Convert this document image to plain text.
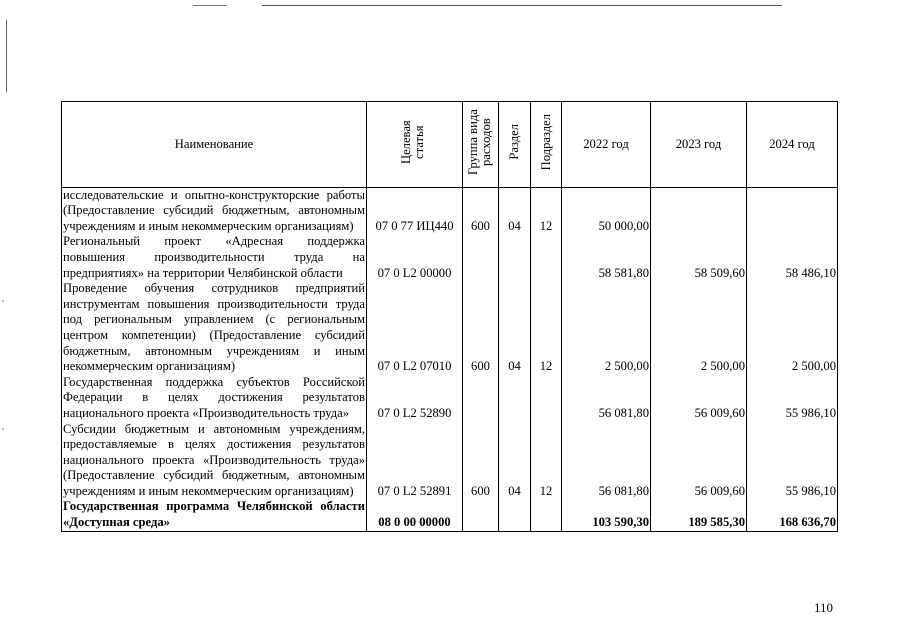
Наименование	Целевая статья	Группа вида расходов	Раздел	Подраздел	2022 год	2023 год	2024 год
исследовательские и опытно-конструкторские работы (Предоставление субсидий бюджетным, автономным учреждениям и иным некоммерческим организациям)	07 0 77 ИЦ440	600	04	12	50 000,00		
Региональный проект «Адресная поддержка повышения производительности труда на предприятиях» на территории Челябинской области	07 0 L2 00000				58 581,80	58 509,60	58 486,10
Проведение обучения сотрудников предприятий инструментам повышения производительности труда под региональным управлением (с региональным центром компетенции) (Предоставление субсидий бюджетным, автономным учреждениям и иным некоммерческим организациям)	07 0 L2 07010	600	04	12	2 500,00	2 500,00	2 500,00
Государственная поддержка субъектов Российской Федерации в целях достижения результатов национального проекта «Производительность труда»	07 0 L2 52890				56 081,80	56 009,60	55 986,10
Субсидии бюджетным и автономным учреждениям, предоставляемые в целях достижения результатов национального проекта «Производительность труда» (Предоставление субсидий бюджетным, автономным учреждениям и иным некоммерческим организациям)	07 0 L2 52891	600	04	12	56 081,80	56 009,60	55 986,10
Государственная программа Челябинской области «Доступная среда»	08 0 00 00000				103 590,30	189 585,30	168 636,70
110
